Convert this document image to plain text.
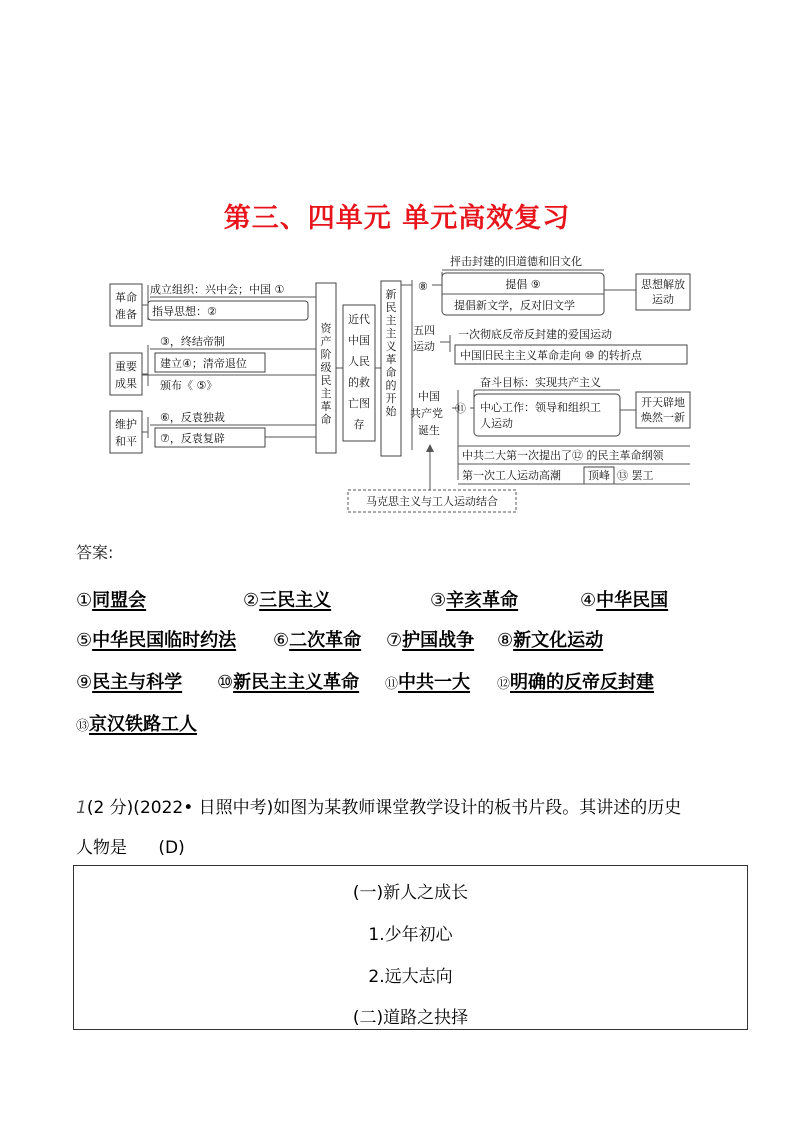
第三、四单元 单元高效复习
革命
准备
重要
成果
维护
和平
成立组织：兴中会；中国 ①
指导思想：②
③，终结帝制
建立④；清帝退位
颁布《 ⑤》
⑥，反袁独裁
⑦，反袁复辟
近代
中国
人民
的救
亡图
存
⑧
抨击封建的旧道德和旧文化
提倡 ⑨
提倡新文学，反对旧文学
思想解放
运动
五四
运动
一次彻底反帝反封建的爱国运动
中国旧民主主义革命走向 ⑩ 的转折点
中国
共产党
诞生
⑪
奋斗目标：实现共产主义
中心工作：领导和组织工
人运动
开天辟地
焕然一新
中共二大第一次提出了⑫ 的民主革命纲领
第一次工人运动高潮 顶峰 ⑬ 罢工
马克思主义与工人运动结合
资
产
阶
级
民
主
革
命
新
民
主
主
义
革
命
的
开
始
答案:
①同盟会	②三民主义	③辛亥革命	④中华民国
⑤中华民国临时约法 ⑥二次革命 ⑦护国战争 ⑧新文化运动
⑨民主与科学 ⑩新民主主义革命 ⑪中共一大 ⑫明确的反帝反封建
⑬京汉铁路工人
1(2 分)(2022• 日照中考)如图为某教师课堂教学设计的板书片段。其讲述的历史
人物是 (D)
(一)新人之成长
1.少年初心
2.远大志向
(二)道路之抉择
